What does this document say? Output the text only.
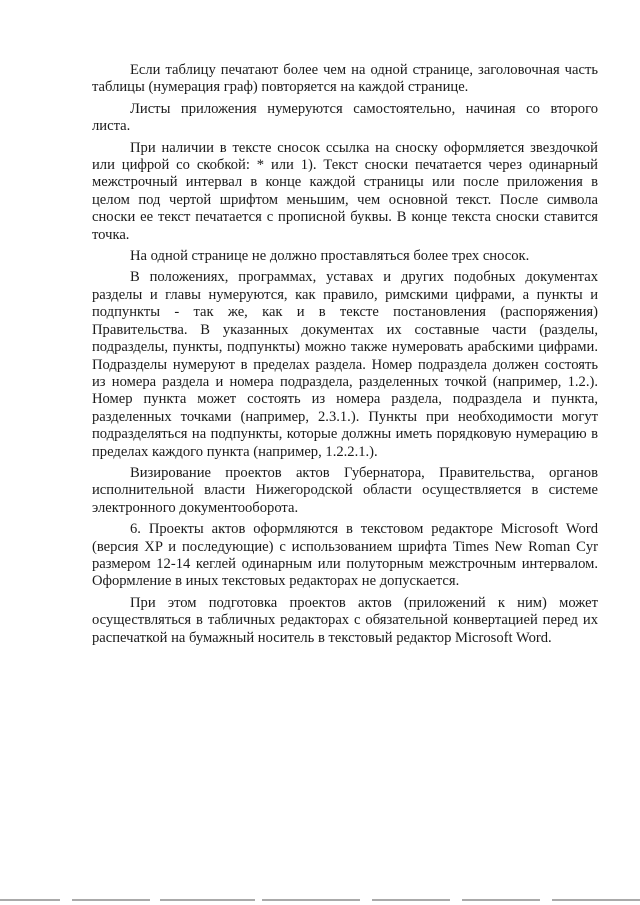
Если таблицу печатают более чем на одной странице, заголовочная часть таблицы (нумерация граф) повторяется на каждой странице.

Листы приложения нумеруются самостоятельно, начиная со второго листа.

При наличии в тексте сносок ссылка на сноску оформляется звездочкой или цифрой со скобкой: * или 1). Текст сноски печатается через одинарный межстрочный интервал в конце каждой страницы или после приложения в целом под чертой шрифтом меньшим, чем основной текст. После символа сноски ее текст печатается с прописной буквы. В конце текста сноски ставится точка.

На одной странице не должно проставляться более трех сносок.

В положениях, программах, уставах и других подобных документах разделы и главы нумеруются, как правило, римскими цифрами, а пункты и подпункты - так же, как и в тексте постановления (распоряжения) Правительства. В указанных документах их составные части (разделы, подразделы, пункты, подпункты) можно также нумеровать арабскими цифрами. Подразделы нумеруют в пределах раздела. Номер подраздела должен состоять из номера раздела и номера подраздела, разделенных точкой (например, 1.2.). Номер пункта может состоять из номера раздела, подраздела и пункта, разделенных точками (например, 2.3.1.). Пункты при необходимости могут подразделяться на подпункты, которые должны иметь порядковую нумерацию в пределах каждого пункта (например, 1.2.2.1.).

Визирование проектов актов Губернатора, Правительства, органов исполнительной власти Нижегородской области осуществляется в системе электронного документооборота.

6. Проекты актов оформляются в текстовом редакторе Microsoft Word (версия XP и последующие) с использованием шрифта Times New Roman Cyr размером 12-14 кеглей одинарным или полуторным межстрочным интервалом. Оформление в иных текстовых редакторах не допускается.

При этом подготовка проектов актов (приложений к ним) может осуществляться в табличных редакторах с обязательной конвертацией перед их распечаткой на бумажный носитель в текстовый редактор Microsoft Word.
